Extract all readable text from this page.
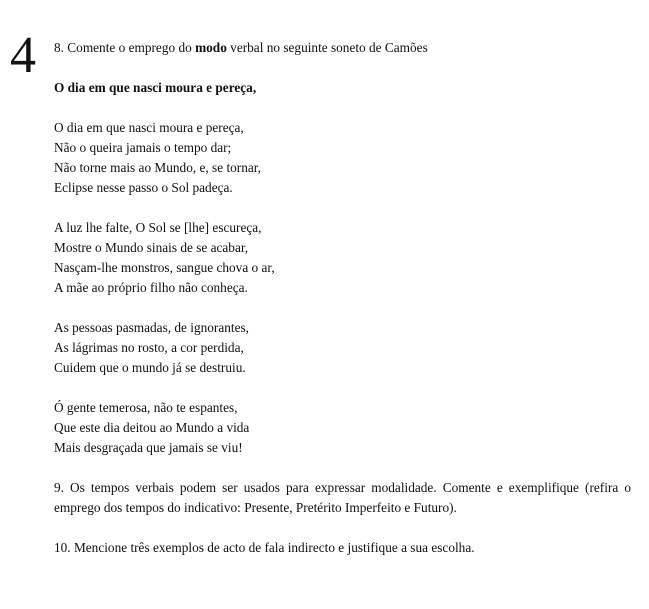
4 8. Comente o emprego do modo verbal no seguinte soneto de Camões
O dia em que nasci moura e pereça,
O dia em que nasci moura e pereça,
Não o queira jamais o tempo dar;
Não torne mais ao Mundo, e, se tornar,
Eclipse nesse passo o Sol padeça.
A luz lhe falte, O Sol se [lhe] escureça,
Mostre o Mundo sinais de se acabar,
Nasçam-lhe monstros, sangue chova o ar,
A mãe ao próprio filho não conheça.
As pessoas pasmadas, de ignorantes,
As lágrimas no rosto, a cor perdida,
Cuidem que o mundo já se destruiu.
Ó gente temerosa, não te espantes,
Que este dia deitou ao Mundo a vida
Mais desgraçada que jamais se viu!
9. Os tempos verbais podem ser usados para expressar modalidade. Comente e exemplifique (refira o emprego dos tempos do indicativo: Presente, Pretérito Imperfeito e Futuro).
10. Mencione três exemplos de acto de fala indirecto e justifique a sua escolha.
